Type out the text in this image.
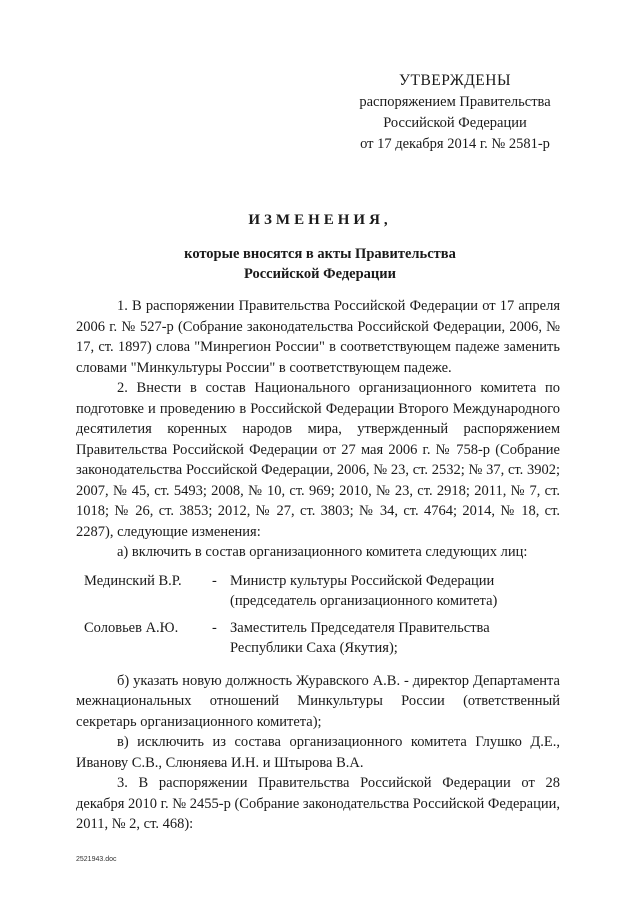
УТВЕРЖДЕНЫ
распоряжением Правительства
Российской Федерации
от 17 декабря 2014 г. № 2581-р
ИЗМЕНЕНИЯ,
которые вносятся в акты Правительства
Российской Федерации

1. В распоряжении Правительства Российской Федерации от 17 апреля 2006 г. № 527-р (Собрание законодательства Российской Федерации, 2006, № 17, ст. 1897) слова "Минрегион России" в соответствующем падеже заменить словами "Минкультуры России" в соответствующем падеже.

2. Внести в состав Национального организационного комитета по подготовке и проведению в Российской Федерации Второго Международного десятилетия коренных народов мира, утвержденный распоряжением Правительства Российской Федерации от 27 мая 2006 г. № 758-р (Собрание законодательства Российской Федерации, 2006, № 23, ст. 2532; № 37, ст. 3902; 2007, № 45, ст. 5493; 2008, № 10, ст. 969; 2010, № 23, ст. 2918; 2011, № 7, ст. 1018; № 26, ст. 3853; 2012, № 27, ст. 3803; № 34, ст. 4764; 2014, № 18, ст. 2287), следующие изменения:

а) включить в состав организационного комитета следующих лиц:

Мединский В.Р.	- Министр культуры Российской Федерации (председатель организационного комитета)
Соловьев А.Ю.	- Заместитель Председателя Правительства Республики Саха (Якутия);

б) указать новую должность Журавского А.В. - директор Департамента межнациональных отношений Минкультуры России (ответственный секретарь организационного комитета);

в) исключить из состава организационного комитета Глушко Д.Е., Иванову С.В., Слюняева И.Н. и Штырова В.А.

3. В распоряжении Правительства Российской Федерации от 28 декабря 2010 г. № 2455-р (Собрание законодательства Российской Федерации, 2011, № 2, ст. 468):

2521943.doc
